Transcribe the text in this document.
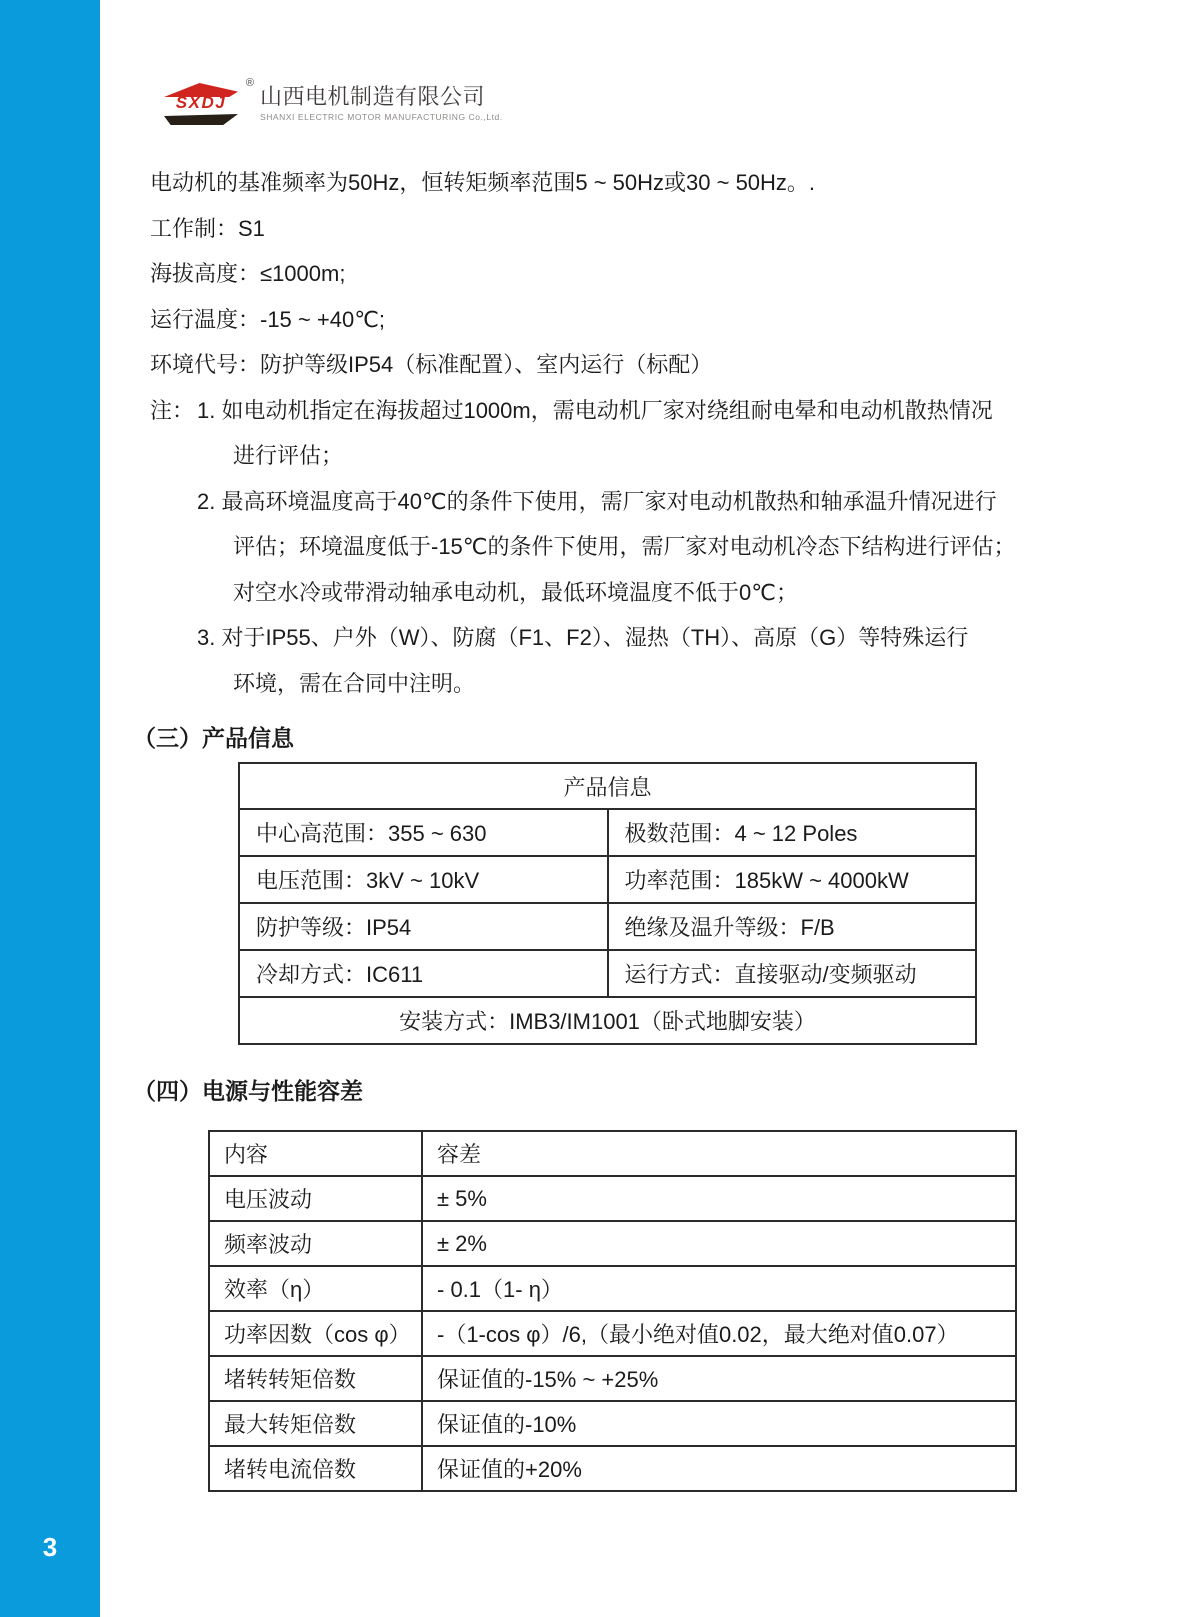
3
SXDJ
®
山西电机制造有限公司
SHANXI ELECTRIC MOTOR MANUFACTURING Co.,Ltd.
电动机的基准频率为50Hz，恒转矩频率范围5 ~ 50Hz或30 ~ 50Hz。.
工作制：S1
海拔高度：≤1000m;
运行温度：-15 ~ +40℃;
环境代号：防护等级IP54（标准配置）、室内运行（标配）
注： 1. 如电动机指定在海拔超过1000m，需电动机厂家对绕组耐电晕和电动机散热情况
进行评估；
2. 最高环境温度高于40℃的条件下使用，需厂家对电动机散热和轴承温升情况进行
评估；环境温度低于-15℃的条件下使用，需厂家对电动机冷态下结构进行评估；
对空水冷或带滑动轴承电动机，最低环境温度不低于0℃；
3. 对于IP55、户外（W）、防腐（F1、F2）、湿热（TH）、高原（G）等特殊运行
环境，需在合同中注明。
（三）产品信息
产品信息	
中心高范围：355 ~ 630	极数范围：4 ~ 12 Poles
电压范围：3kV ~ 10kV	功率范围：185kW ~ 4000kW
防护等级：IP54	绝缘及温升等级：F/B
冷却方式：IC611	运行方式：直接驱动/变频驱动
安装方式：IMB3/IM1001（卧式地脚安装）	
（四）电源与性能容差
内容	容差
电压波动	± 5%
频率波动	± 2%
效率（η）	- 0.1（1- η）
功率因数（cos φ）	-（1-cos φ）/6,（最小绝对值0.02，最大绝对值0.07）
堵转转矩倍数	保证值的-15% ~ +25%
最大转矩倍数	保证值的-10%
堵转电流倍数	保证值的+20%
